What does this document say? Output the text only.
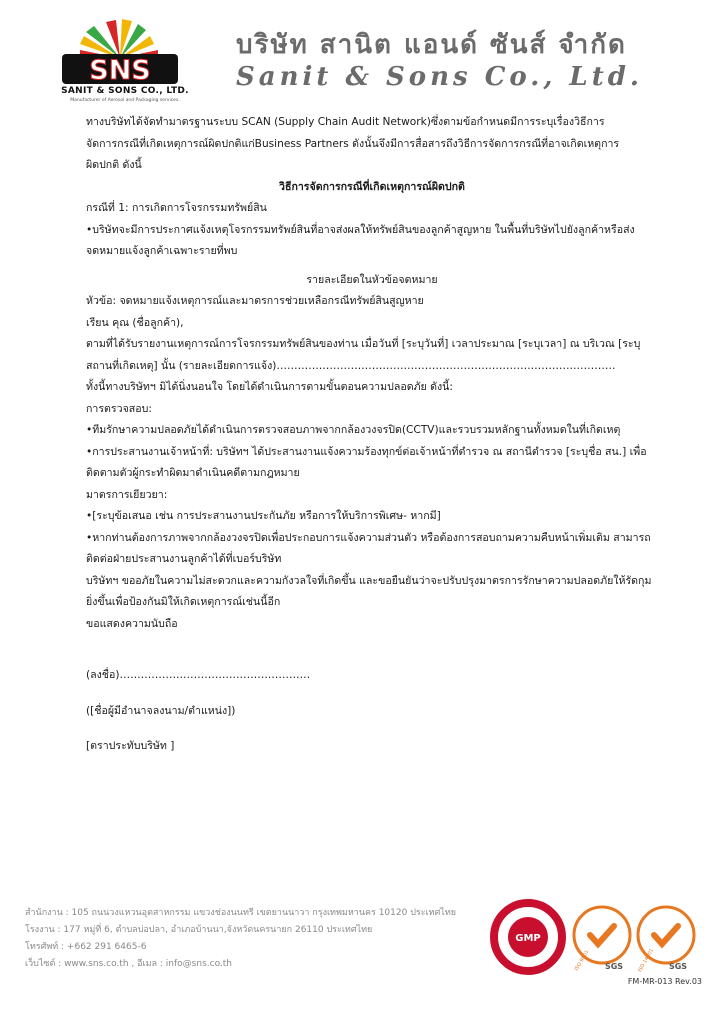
SNS
SANIT & SONS CO., LTD.
Manufacturer of Aerosol and Packaging services.
บริษัท สานิต แอนด์ ซันส์ จำกัด
Sanit & Sons Co., Ltd.

ทางบริษัทได้จัดทำมาตรฐานระบบ SCAN (Supply Chain Audit Network)ซึ่งตามข้อกำหนดมีการระบุเรื่องวิธีการ

จัดการกรณีที่เกิดเหตุการณ์ผิดปกติแก่Business Partners ดังนั้นจึงมีการสื่อสารถึงวิธีการจัดการกรณีที่อาจเกิดเหตุการ

ผิดปกติ ดังนี้

วิธีการจัดการกรณีที่เกิดเหตุการณ์ผิดปกติ

กรณีที่ 1: การเกิดการโจรกรรมทรัพย์สิน

•บริษัทจะมีการประกาศแจ้งเหตุโจรกรรมทรัพย์สินที่อาจส่งผลให้ทรัพย์สินของลูกค้าสูญหาย ในพื้นที่บริษัทไปยังลูกค้าหรือส่ง

จดหมายแจ้งลูกค้าเฉพาะรายที่พบ

รายละเอียดในหัวข้อจดหมาย

หัวข้อ: จดหมายแจ้งเหตุการณ์และมาตรการช่วยเหลือกรณีทรัพย์สินสูญหาย

เรียน คุณ (ชื่อลูกค้า),

ตามที่ได้รับรายงานเหตุการณ์การโจรกรรมทรัพย์สินของท่าน เมื่อวันที่ [ระบุวันที่] เวลาประมาณ [ระบุเวลา] ณ บริเวณ [ระบุ

สถานที่เกิดเหตุ] นั้น (รายละเอียดการแจ้ง)……………………………………………………………………………………

ทั้งนี้ทางบริษัทฯ มิได้นิ่งนอนใจ โดยได้ดำเนินการตามขั้นตอนความปลอดภัย ดังนี้:

การตรวจสอบ:

•ทีมรักษาความปลอดภัยได้ดำเนินการตรวจสอบภาพจากกล้องวงจรปิด(CCTV)และรวบรวมหลักฐานทั้งหมดในที่เกิดเหตุ

•การประสานงานเจ้าหน้าที่: บริษัทฯ ได้ประสานงานแจ้งความร้องทุกข์ต่อเจ้าหน้าที่ตำรวจ ณ สถานีตำรวจ [ระบุชื่อ สน.] เพื่อ

ติดตามตัวผู้กระทำผิดมาดำเนินคดีตามกฎหมาย

มาตรการเยียวยา:

•[ระบุข้อเสนอ เช่น การประสานงานประกันภัย หรือการให้บริการพิเศษ- หากมี]

•หากท่านต้องการภาพจากกล้องวงจรปิดเพื่อประกอบการแจ้งความส่วนตัว หรือต้องการสอบถามความคืบหน้าเพิ่มเติม สามารถ

ติดต่อฝ่ายประสานงานลูกค้าได้ที่เบอร์บริษัท

บริษัทฯ ขออภัยในความไม่สะดวกและความกังวลใจที่เกิดขึ้น และขอยืนยันว่าจะปรับปรุงมาตรการรักษาความปลอดภัยให้รัดกุม

ยิ่งขึ้นเพื่อป้องกันมิให้เกิดเหตุการณ์เช่นนี้อีก

ขอแสดงความนับถือ

(ลงชื่อ)………………………………………………

([ชื่อผู้มีอำนาจลงนาม/ตำแหน่ง])

[ตราประทับบริษัท ]

สำนักงาน : 105 ถนนวงแหวนอุตสาหกรรม แขวงช่องนนทรี เขตยานนาวา กรุงเทพมหานคร 10120 ประเทศไทย

โรงงาน : 177 หมู่ที่ 6, ตำบลบ่อปลา, อำเภอบ้านนา,จังหวัดนครนายก 26110 ประเทศไทย

โทรศัพท์ : +662 291 6465-6

เว็บไซต์ : www.sns.co.th , อีเมล : info@sns.co.th

GMP
ISO 9001 SGS	ISO 14001 SGS
FM-MR-013 Rev.03
